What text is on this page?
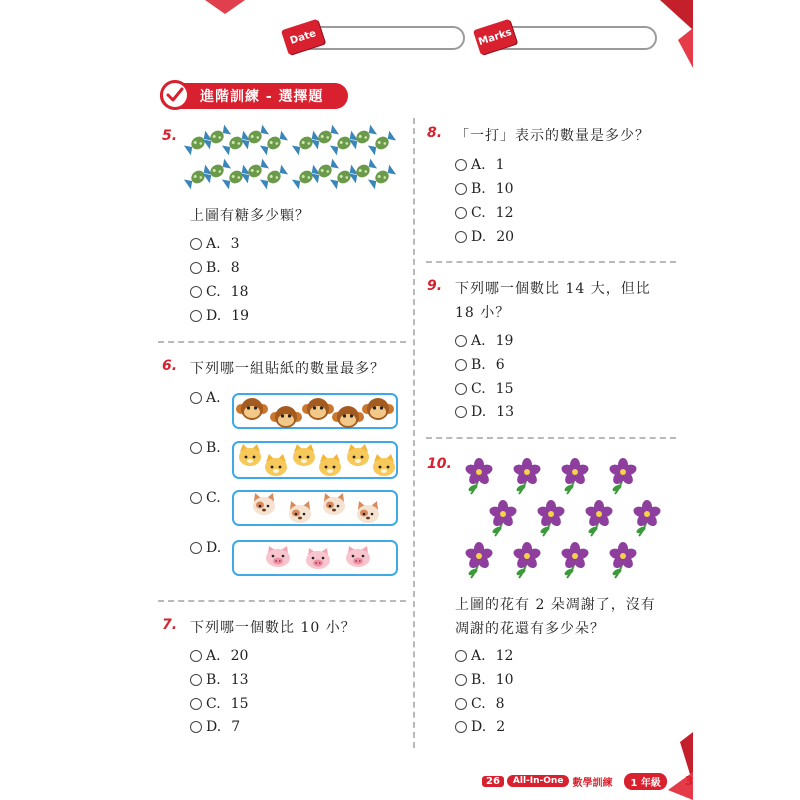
Date	Marks
進階訓練 - 選擇題
5.
上圖有糖多少顆？
A. 3
B. 8
C. 18
D. 19
6. 下列哪一組貼紙的數量最多？
A.
B.
C.
D.
7. 下列哪一個數比 10 小？
A. 20
B. 13
C. 15
D. 7
8. 「一打」表示的數量是多少？
A. 1
B. 10
C. 12
D. 20
9. 下列哪一個數比 14 大，但比
18 小？
A. 19
B. 6
C. 15
D. 13
10.
上圖的花有 2 朵凋謝了，沒有
凋謝的花還有多少朵？
A. 12
B. 10
C. 8
D. 2
26	All-In-One 數學訓練	1 年級	3
